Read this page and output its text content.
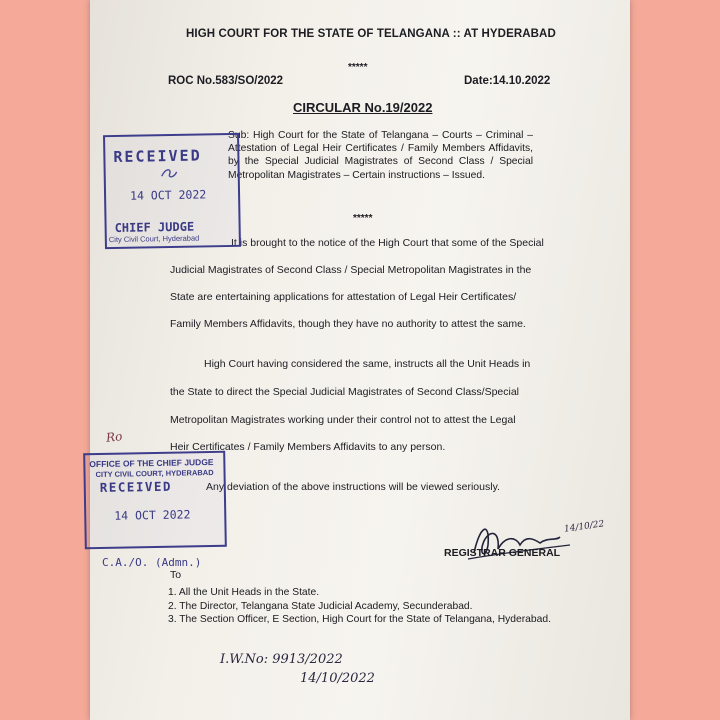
HIGH COURT FOR THE STATE OF TELANGANA :: AT HYDERABAD
*****
ROC No.583/SO/2022	Date:14.10.2022
CIRCULAR No.19/2022
Sub: High Court for the State of Telangana – Courts – Criminal – Attestation of Legal Heir Certificates / Family Members Affidavits, by the Special Judicial Magistrates of Second Class / Special Metropolitan Magistrates – Certain instructions – Issued.
*****
It is brought to the notice of the High Court that some of the Special
Judicial Magistrates of Second Class / Special Metropolitan Magistrates in the
State are entertaining applications for attestation of Legal Heir Certificates/
Family Members Affidavits, though they have no authority to attest the same.
High Court having considered the same, instructs all the Unit Heads in
the State to direct the Special Judicial Magistrates of Second Class/Special
Metropolitan Magistrates working under their control not to attest the Legal
Heir Certificates / Family Members Affidavits to any person.
Any deviation of the above instructions will be viewed seriously.
14/10/22
REGISTRAR GENERAL
To
1. All the Unit Heads in the State.
2. The Director, Telangana State Judicial Academy, Secunderabad.
3. The Section Officer, E Section, High Court for the State of Telangana, Hyderabad.
I.W.No: 9913/2022
14/10/2022
RECEIVED
14 OCT 2022
CHIEF JUDGE
City Civil Court, Hyderabad
Ro
OFFICE OF THE CHIEF JUDGE
CITY CIVIL COURT, HYDERABAD
RECEIVED
14 OCT 2022
C.A./O. (Admn.)
